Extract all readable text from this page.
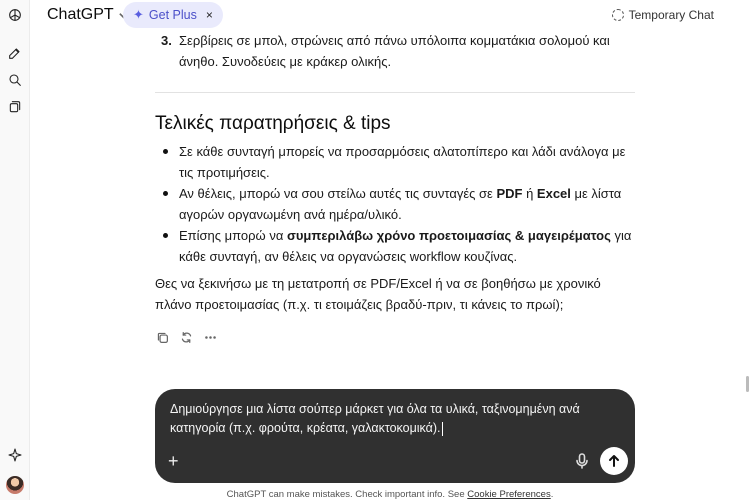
ChatGPT ✦ Get Plus ×	Temporary Chat
3. Σερβίρεις σε μπολ, στρώνεις από πάνω υπόλοιπα κομματάκια σολομού και άνηθο. Συνοδεύεις με κράκερ ολικής.
Τελικές παρατηρήσεις & tips
Σε κάθε συνταγή μπορείς να προσαρμόσεις αλατοπίπερο και λάδι ανάλογα με τις προτιμήσεις.
Αν θέλεις, μπορώ να σου στείλω αυτές τις συνταγές σε PDF ή Excel με λίστα αγορών οργανωμένη ανά ημέρα/υλικό.
Επίσης μπορώ να συμπεριλάβω χρόνο προετοιμασίας & μαγειρέματος για κάθε συνταγή, αν θέλεις να οργανώσεις workflow κουζίνας.
Θες να ξεκινήσω με τη μετατροπή σε PDF/Excel ή να σε βοηθήσω με χρονικό πλάνο προετοιμασίας (π.χ. τι ετοιμάζεις βραδύ-πριν, τι κάνεις το πρωί);
Δημιούργησε μια λίστα σούπερ μάρκετ για όλα τα υλικά, ταξινομημένη ανά κατηγορία (π.χ. φρούτα, κρέατα, γαλακτοκομικά).
+
ChatGPT can make mistakes. Check important info. See Cookie Preferences.
